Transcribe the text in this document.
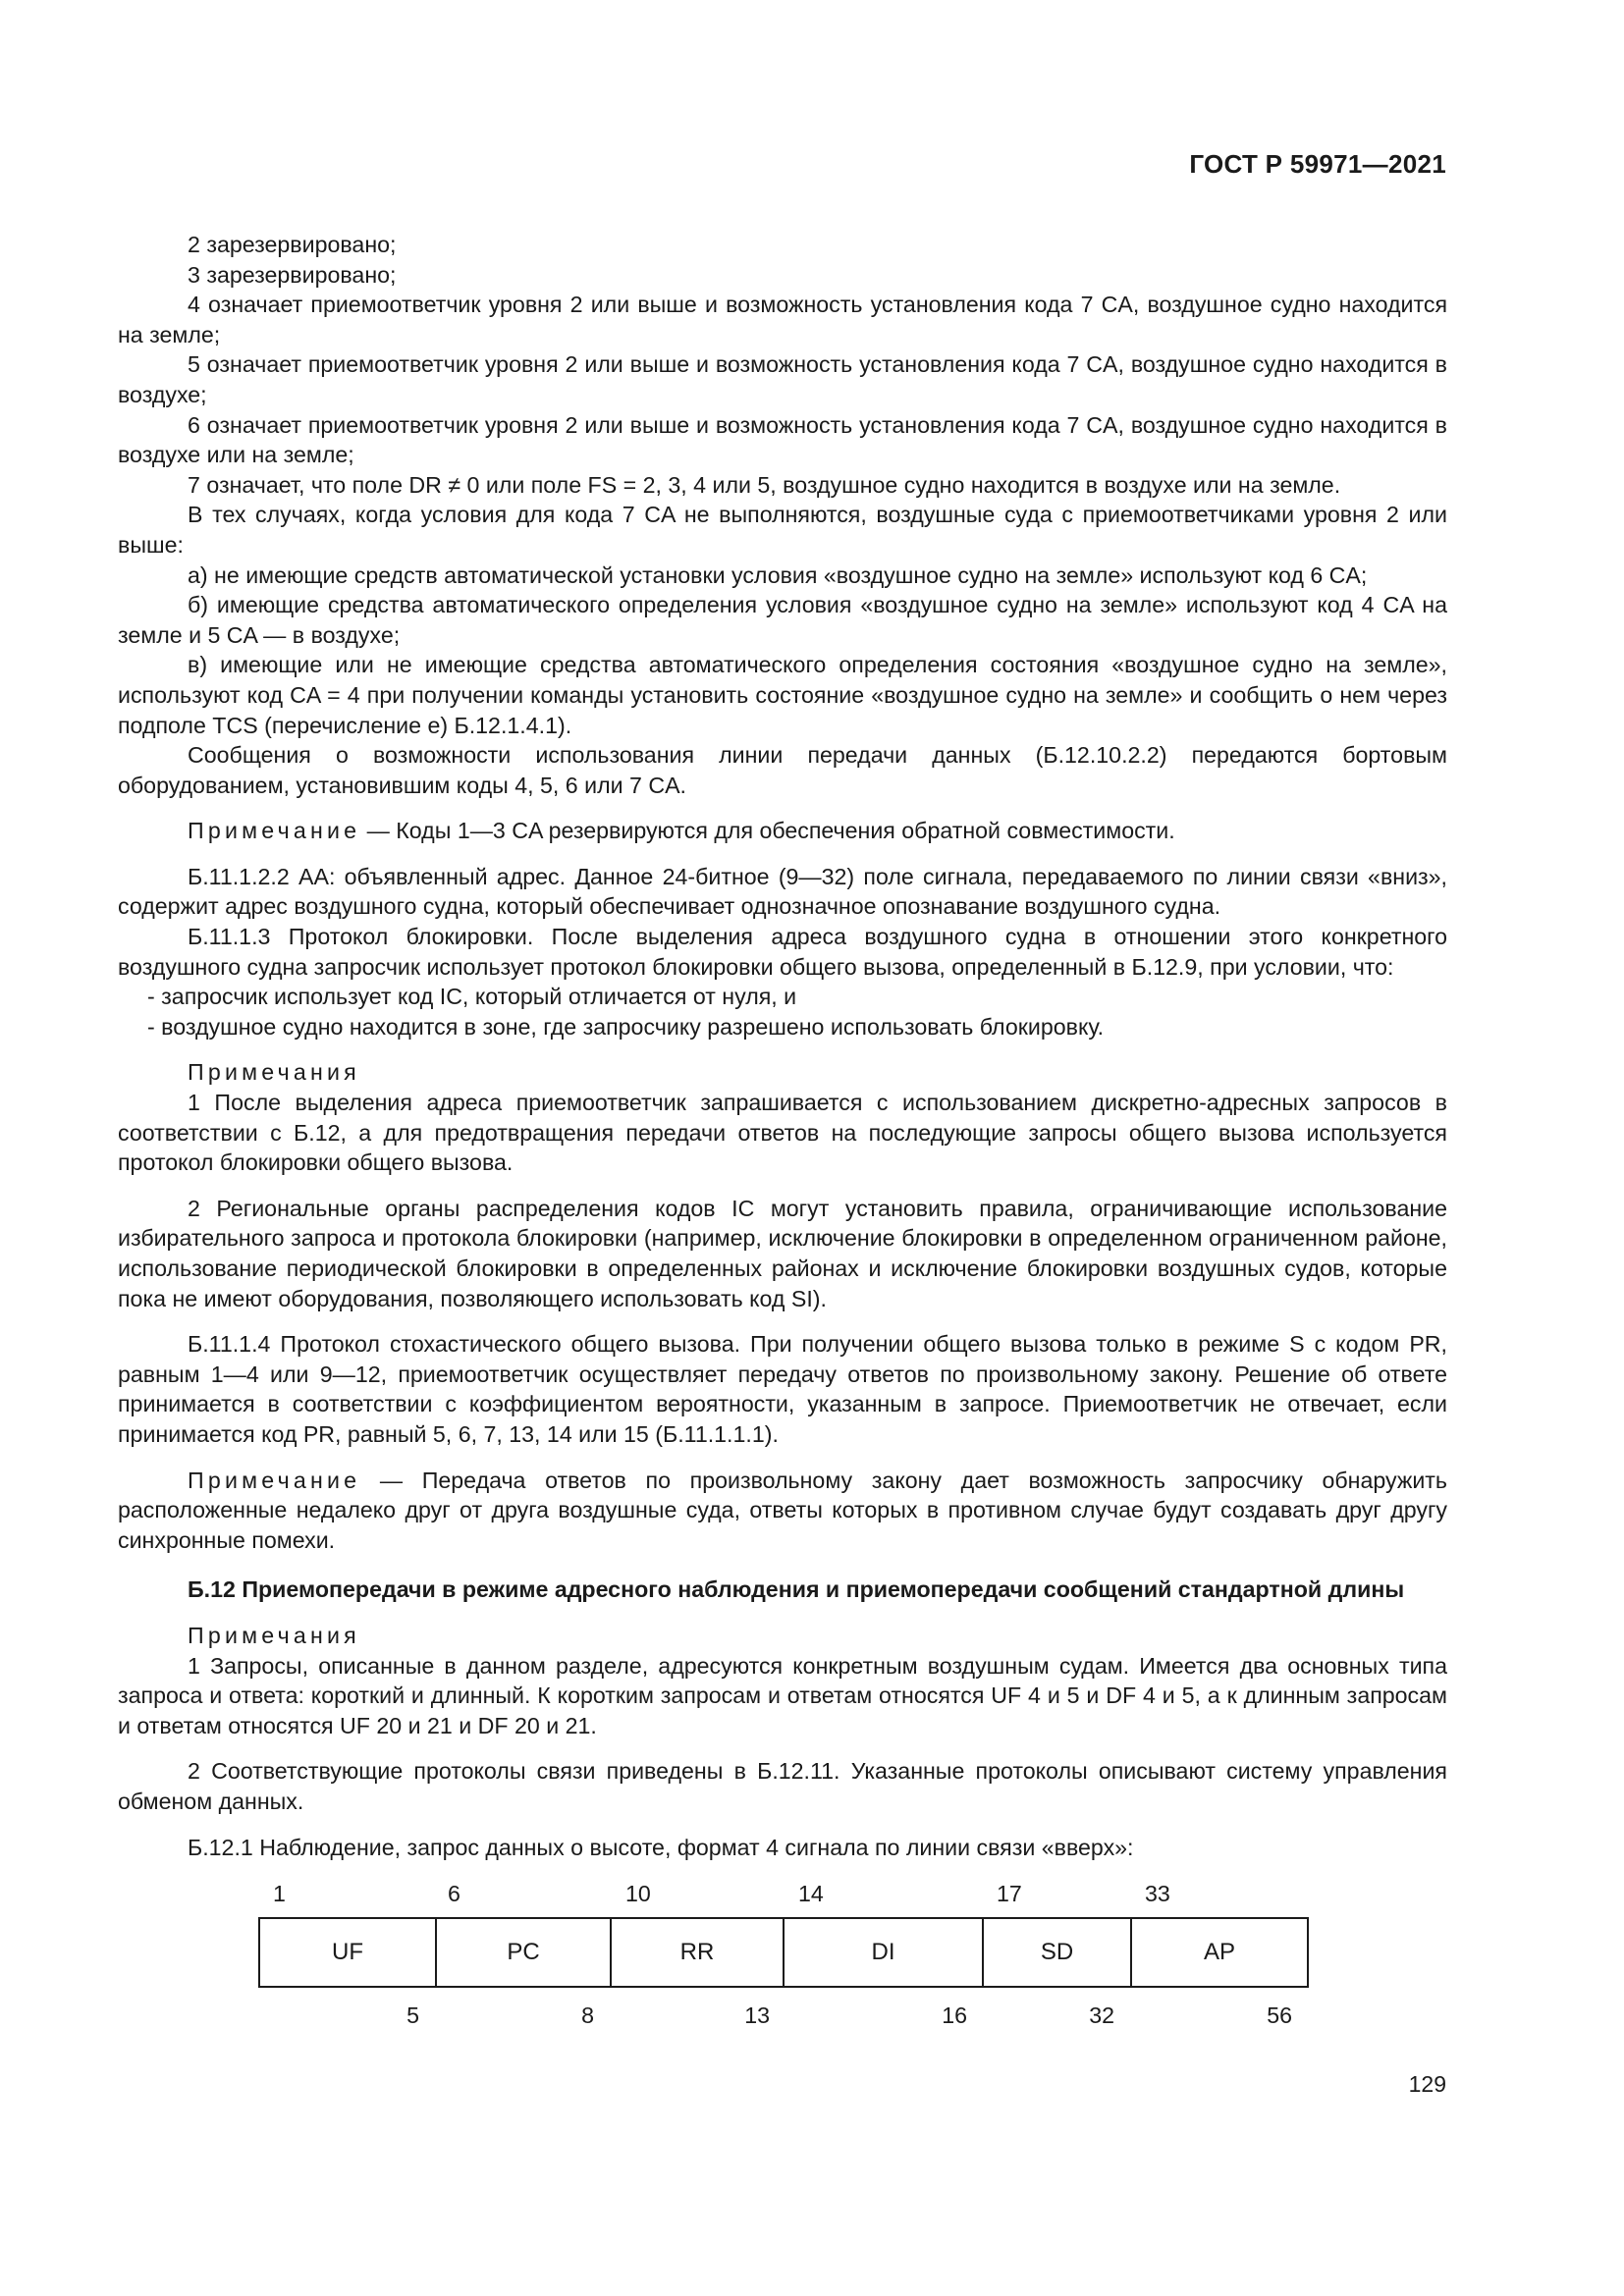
ГОСТ Р 59971—2021

2 зарезервировано;

3 зарезервировано;

4 означает приемоответчик уровня 2 или выше и возможность установления кода 7 CA, воздушное судно находится на земле;

5 означает приемоответчик уровня 2 или выше и возможность установления кода 7 CA, воздушное судно находится в воздухе;

6 означает приемоответчик уровня 2 или выше и возможность установления кода 7 CA, воздушное судно находится в воздухе или на земле;

7 означает, что поле DR ≠ 0 или поле FS = 2, 3, 4 или 5, воздушное судно находится в воздухе или на земле.

В тех случаях, когда условия для кода 7 CA не выполняются, воздушные суда с приемоответчиками уровня 2 или выше:

а) не имеющие средств автоматической установки условия «воздушное судно на земле» используют код 6 CA;

б) имеющие средства автоматического определения условия «воздушное судно на земле» используют код 4 CA на земле и 5 CA — в воздухе;

в) имеющие или не имеющие средства автоматического определения состояния «воздушное судно на земле», используют код CA = 4 при получении команды установить состояние «воздушное судно на земле» и сообщить о нем через подполе TCS (перечисление е) Б.12.1.4.1).

Сообщения о возможности использования линии передачи данных (Б.12.10.2.2) передаются бортовым оборудованием, установившим коды 4, 5, 6 или 7 CA.

Примечание — Коды 1—3 CA резервируются для обеспечения обратной совместимости.

Б.11.1.2.2 AA: объявленный адрес. Данное 24-битное (9—32) поле сигнала, передаваемого по линии связи «вниз», содержит адрес воздушного судна, который обеспечивает однозначное опознавание воздушного судна.

Б.11.1.3 Протокол блокировки. После выделения адреса воздушного судна в отношении этого конкретного воздушного судна запросчик использует протокол блокировки общего вызова, определенный в Б.12.9, при условии, что:

- запросчик использует код IC, который отличается от нуля, и

- воздушное судно находится в зоне, где запросчику разрешено использовать блокировку.

Примечания

1 После выделения адреса приемоответчик запрашивается с использованием дискретно-адресных запросов в соответствии с Б.12, а для предотвращения передачи ответов на последующие запросы общего вызова используется протокол блокировки общего вызова.

2 Региональные органы распределения кодов IC могут установить правила, ограничивающие использование избирательного запроса и протокола блокировки (например, исключение блокировки в определенном ограниченном районе, использование периодической блокировки в определенных районах и исключение блокировки воздушных судов, которые пока не имеют оборудования, позволяющего использовать код SI).

Б.11.1.4 Протокол стохастического общего вызова. При получении общего вызова только в режиме S с кодом PR, равным 1—4 или 9—12, приемоответчик осуществляет передачу ответов по произвольному закону. Решение об ответе принимается в соответствии с коэффициентом вероятности, указанным в запросе. Приемоответчик не отвечает, если принимается код PR, равный 5, 6, 7, 13, 14 или 15 (Б.11.1.1.1).

Примечание — Передача ответов по произвольному закону дает возможность запросчику обнаружить расположенные недалеко друг от друга воздушные суда, ответы которых в противном случае будут создавать друг другу синхронные помехи.

Б.12 Приемопередачи в режиме адресного наблюдения и приемопередачи сообщений стандартной длины

Примечания

1 Запросы, описанные в данном разделе, адресуются конкретным воздушным судам. Имеется два основных типа запроса и ответа: короткий и длинный. К коротким запросам и ответам относятся UF 4 и 5 и DF 4 и 5, а к длинным запросам и ответам относятся UF 20 и 21 и DF 20 и 21.

2 Соответствующие протоколы связи приведены в Б.12.11. Указанные протоколы описывают систему управления обменом данных.

Б.12.1 Наблюдение, запрос данных о высоте, формат 4 сигнала по линии связи «вверх»:

1	6	10	14	17	33
UF	PC	RR	DI	SD	AP
5	8	13	16	32	56
129
